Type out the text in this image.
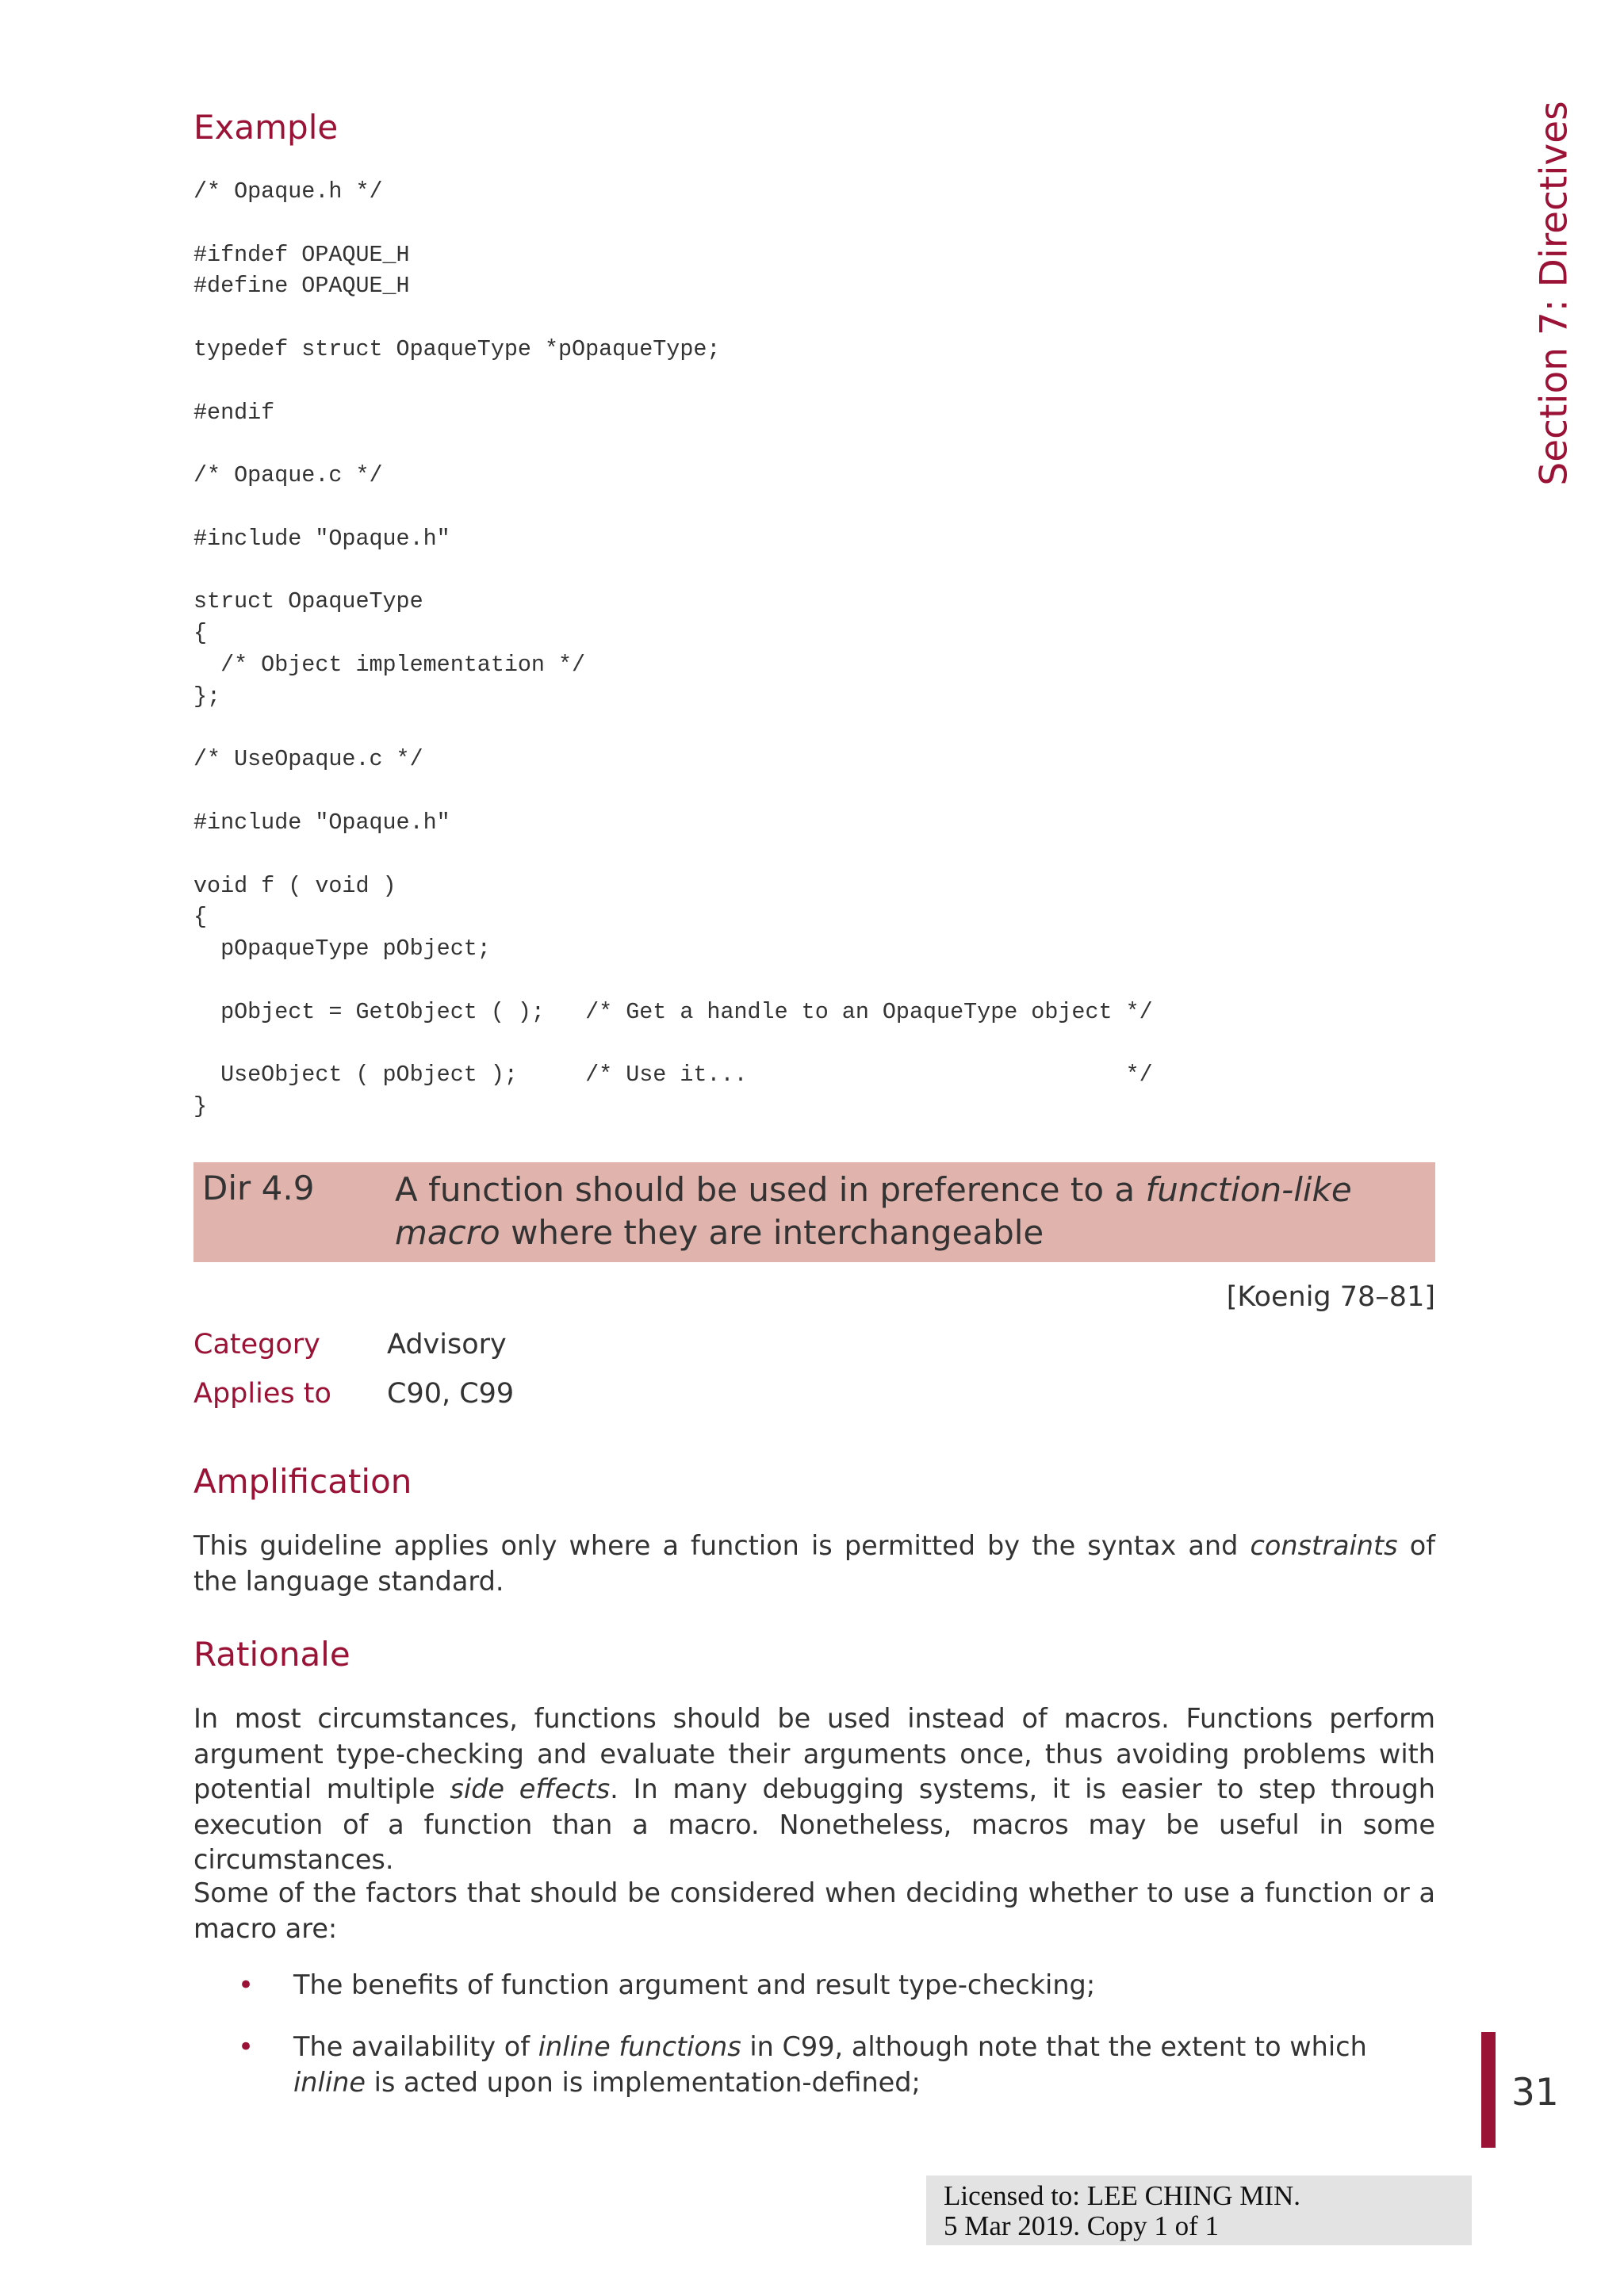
Section 7: Directives
Example
/* Opaque.h */

#ifndef OPAQUE_H
#define OPAQUE_H

typedef struct OpaqueType *pOpaqueType;

#endif

/* Opaque.c */

#include "Opaque.h"

struct OpaqueType
{
/* Object implementation */
};

/* UseOpaque.c */

#include "Opaque.h"

void f ( void )
{
pOpaqueType pObject;

pObject = GetObject ( );   /* Get a handle to an OpaqueType object */

UseObject ( pObject );     /* Use it...                            */
}
Dir 4.9 A function should be used in preference to a function-like macro where they are interchangeable
[Koenig 78–81]
Category Advisory
Applies to C90, C99
Amplification

This guideline applies only where a function is permitted by the syntax and constraints of the language standard.

Rationale

In most circumstances, functions should be used instead of macros. Functions perform argument type-checking and evaluate their arguments once, thus avoiding problems with potential multiple side effects. In many debugging systems, it is easier to step through execution of a function than a macro. Nonetheless, macros may be useful in some circumstances.

Some of the factors that should be considered when deciding whether to use a function or a macro are:

• The benefits of function argument and result type-checking;
• The availability of inline functions in C99, although note that the extent to which inline is acted upon is implementation-defined;	31
Licensed to: LEE CHING MIN.
5 Mar 2019. Copy 1 of 1
